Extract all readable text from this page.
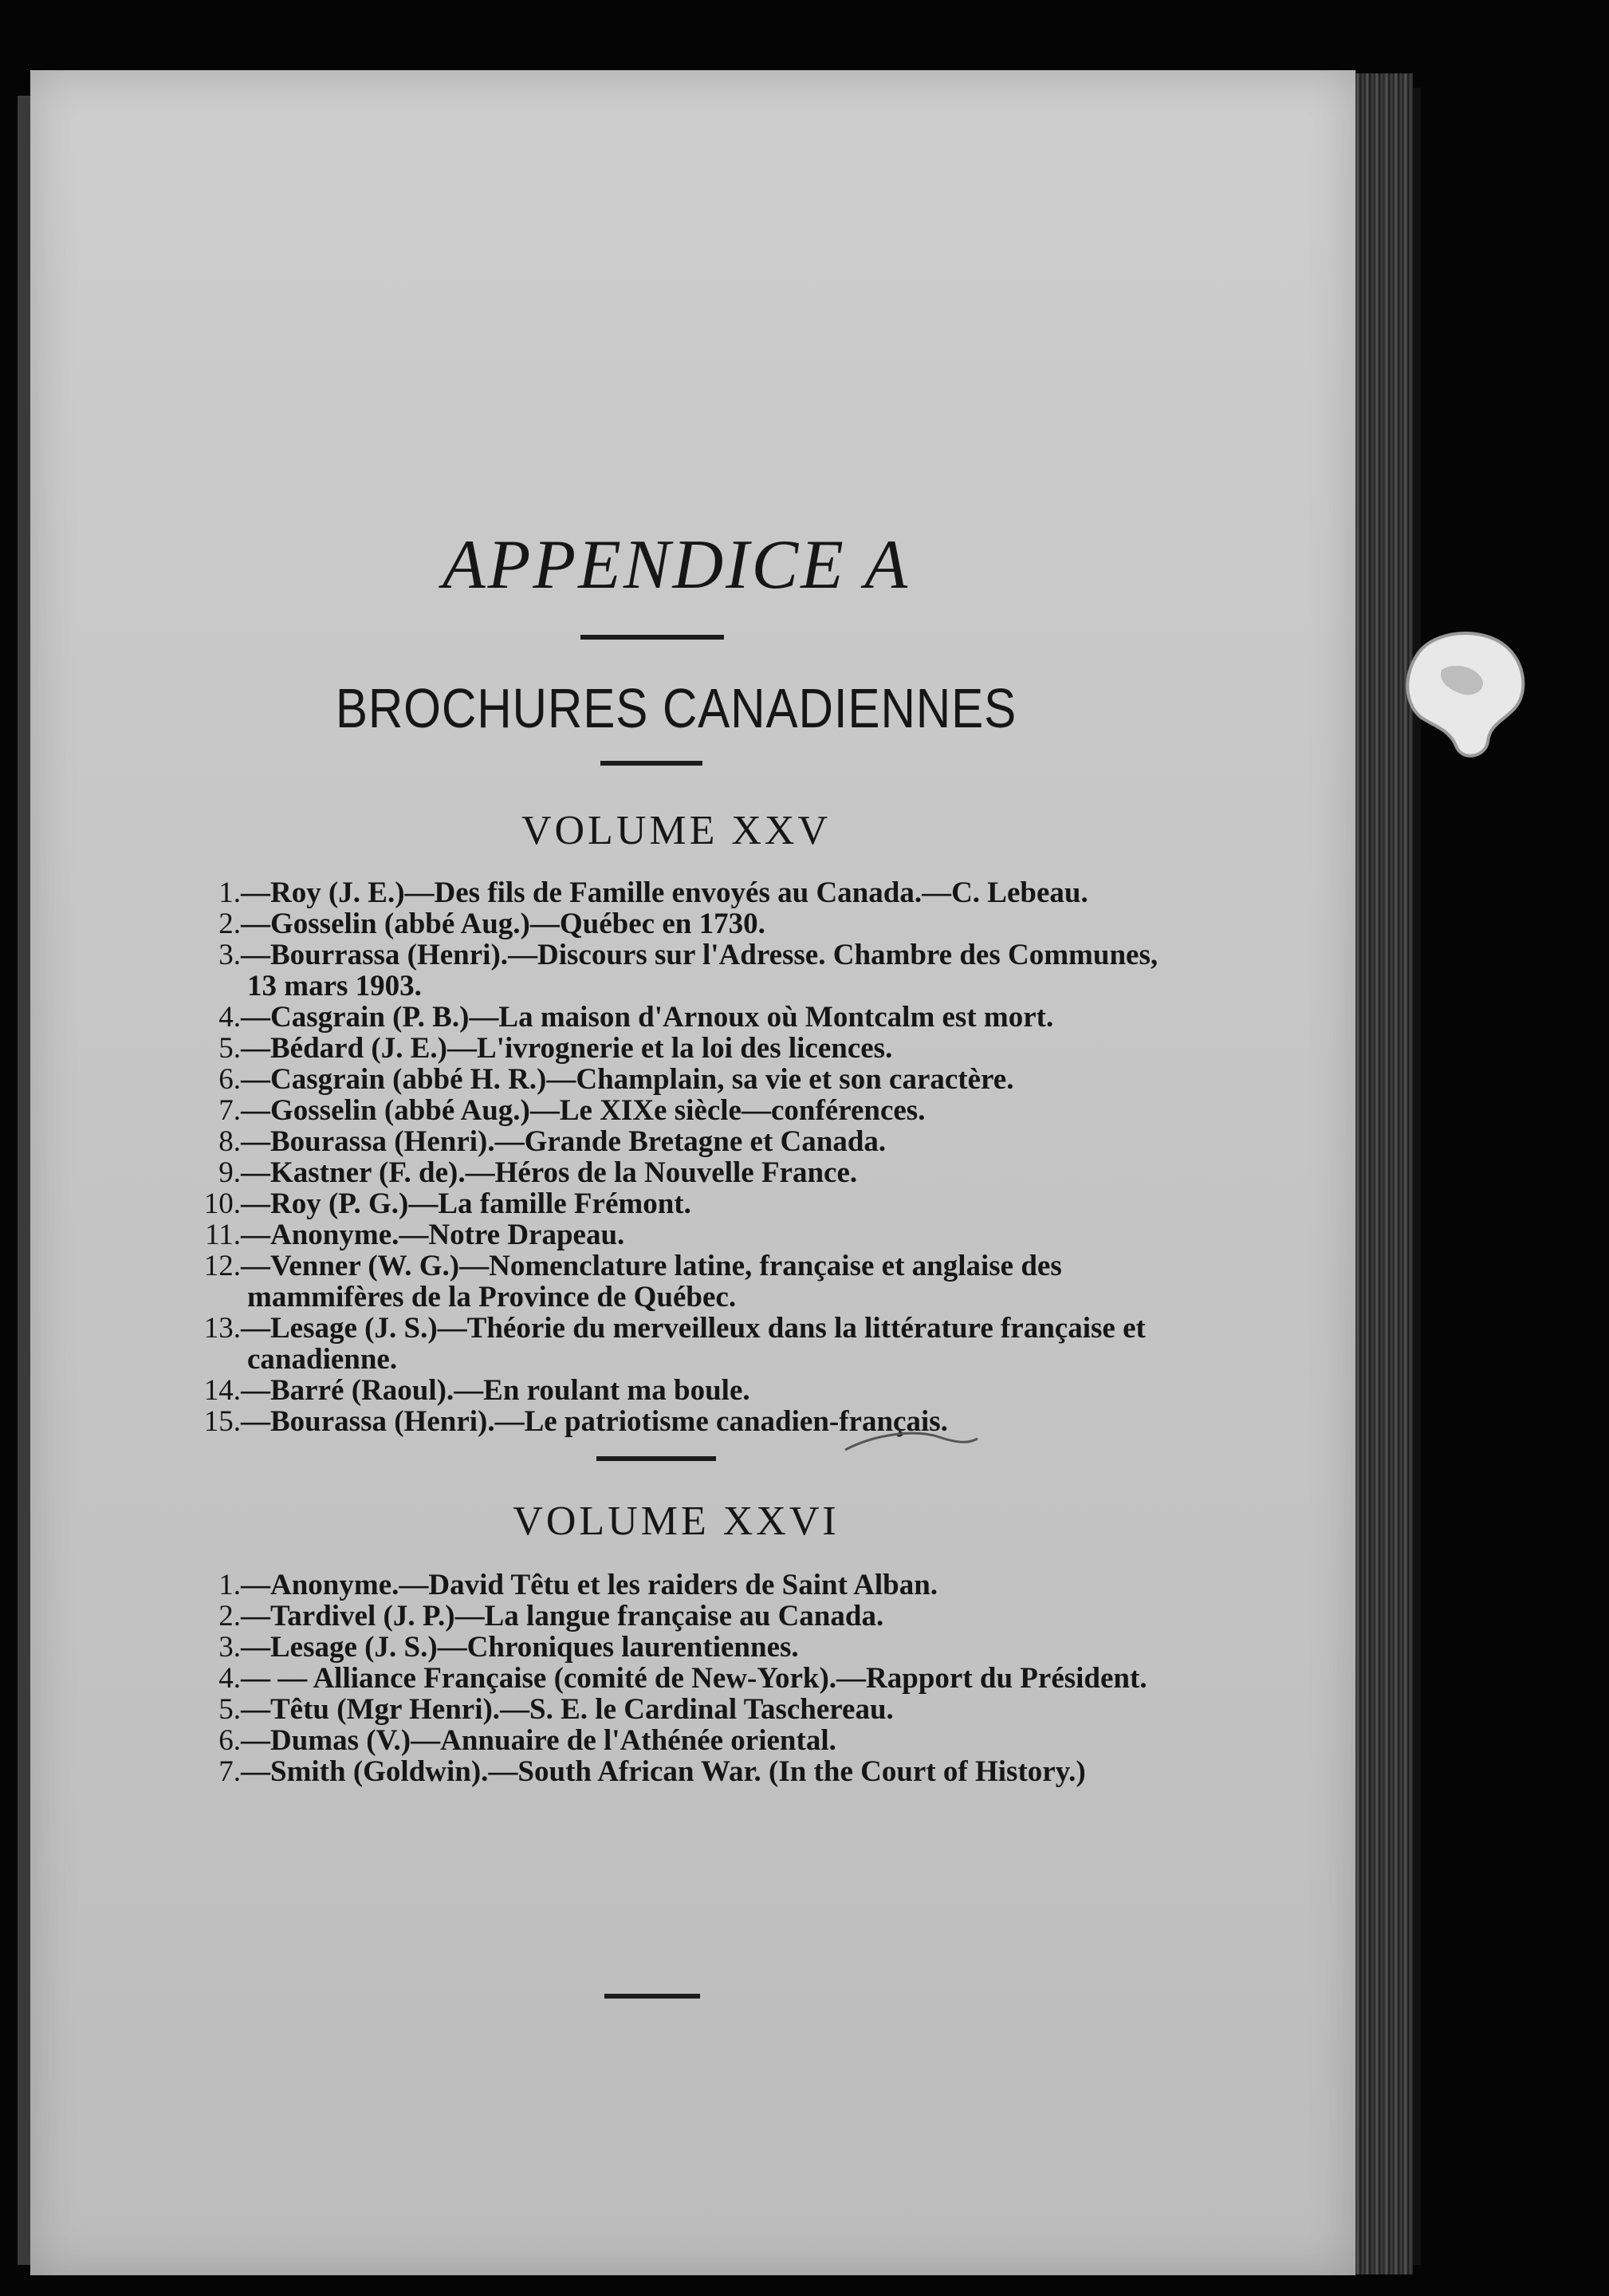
APPENDICE A
BROCHURES CANADIENNES
VOLUME XXV
1.—Roy (J. E.)—Des fils de Famille envoyés au Canada.—C. Lebeau.
2.—Gosselin (abbé Aug.)—Québec en 1730.
3.—Bourrassa (Henri).—Discours sur l'Adresse. Chambre des Communes, 13 mars 1903.
4.—Casgrain (P. B.)—La maison d'Arnoux où Montcalm est mort.
5.—Bédard (J. E.)—L'ivrognerie et la loi des licences.
6.—Casgrain (abbé H. R.)—Champlain, sa vie et son caractère.
7.—Gosselin (abbé Aug.)—Le XIXe siècle—conférences.
8.—Bourassa (Henri).—Grande Bretagne et Canada.
9.—Kastner (F. de).—Héros de la Nouvelle France.
10.—Roy (P. G.)—La famille Frémont.
11.—Anonyme.—Notre Drapeau.
12.—Venner (W. G.)—Nomenclature latine, française et anglaise des mammifères de la Province de Québec.
13.—Lesage (J. S.)—Théorie du merveilleux dans la littérature française et canadienne.
14.—Barré (Raoul).—En roulant ma boule.
15.—Bourassa (Henri).—Le patriotisme canadien-français.
VOLUME XXVI
1.—Anonyme.—David Têtu et les raiders de Saint Alban.
2.—Tardivel (J. P.)—La langue française au Canada.
3.—Lesage (J. S.)—Chroniques laurentiennes.
4.— — Alliance Française (comité de New-York).—Rapport du Président.
5.—Têtu (Mgr Henri).—S. E. le Cardinal Taschereau.
6.—Dumas (V.)—Annuaire de l'Athénée oriental.
7.—Smith (Goldwin).—South African War. (In the Court of History.)
